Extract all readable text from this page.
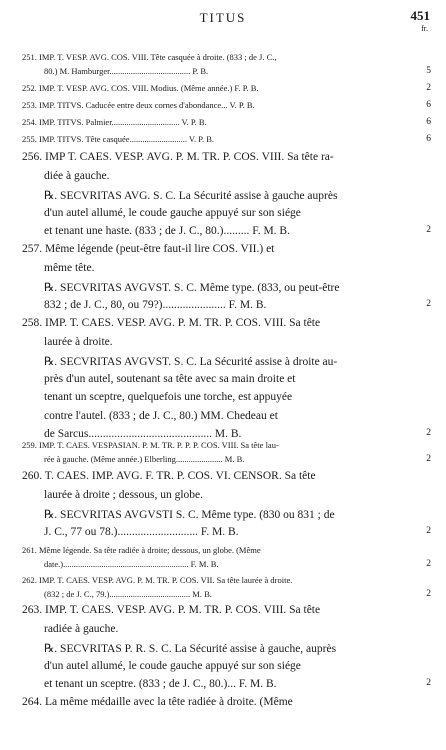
TITUS	451
fr.
251. IMP. T. VESP. AVG. COS. VIII. Tête casquée à droite. (833 ; de J. C.,
80.) M. Hamburger...................................... P. B.	5
252. IMP. T. VESP. AVG. COS. VIII. Modius. (Même année.) F. P. B.	2
253. IMP. TITVS. Caducée entre deux cornes d'abondance... V. P. B.	6
254. IMP. TITVS. Palmier................................ V. P. B.	6
255. IMP. TITVS. Tête casquée........................... V. P. B.	6
256. IMP T. CAES. VESP. AVG. P. M. TR. P. COS. VIII. Sa tête ra-
diée à gauche.
℞. SECVRITAS AVG. S. C. La Sécurité assise à gauche auprès
d'un autel allumé, le coude gauche appuyé sur son siége
et tenant une haste. (833 ; de J. C., 80.)......... F. M. B.	2
257. Même légende (peut-être faut-il lire COS. VII.) et
même tête.
℞. SECVRITAS AVGVST. S. C. Même type. (833, ou peut-être
832 ; de J. C., 80, ou 79?)...................... F. M. B.	2
258. IMP. T. CAES. VESP. AVG. P. M. TR. P. COS. VIII. Sa tête
laurée à droite.
℞. SECVRITAS AVGVST. S. C. La Sécurité assise à droite au-
près d'un autel, soutenant sa tête avec sa main droite et
tenant un sceptre, quelquefois une torche, est appuyée
contre l'autel. (833 ; de J. C., 80.) MM. Chedeau et
de Sarcus........................................... M. B.	2
259. IMP. T. CAES. VESPASIAN. P. M. TR. P. P. P. COS. VIII. Sa tête lau-
rée à gauche. (Même année.) Elberling...................... M. B.	2
260. T. CAES. IMP. AVG. F. TR. P. COS. VI. CENSOR. Sa tête
laurée à droite ; dessous, un globe.
℞. SECVRITAS AVGVSTI S. C. Même type. (830 ou 831 ; de
J. C., 77 ou 78.)............................ F. M. B.	2
261. Même légende. Sa tête radiée à droite; dessous, un globe. (Même
date.)........................................................... F. M. B.	2
262. IMP. T. CAES. VESP. AVG. P. M. TR. P. COS. VII. Sa tête laurée à droite.
(832 ; de J. C., 79.)...................................... M. B.	2
263. IMP. T. CAES. VESP. AVG. P. M. TR. P. COS. VIII. Sa tête
radiée à gauche.
℞. SECVRITAS P. R. S. C. La Sécurité assise à gauche, auprès
d'un autel allumé, le coude gauche appuyé sur son siége
et tenant un sceptre. (833 ; de J. C., 80.)... F. M. B.	2
264. La même médaille avec la tête radiée à droite. (Même
